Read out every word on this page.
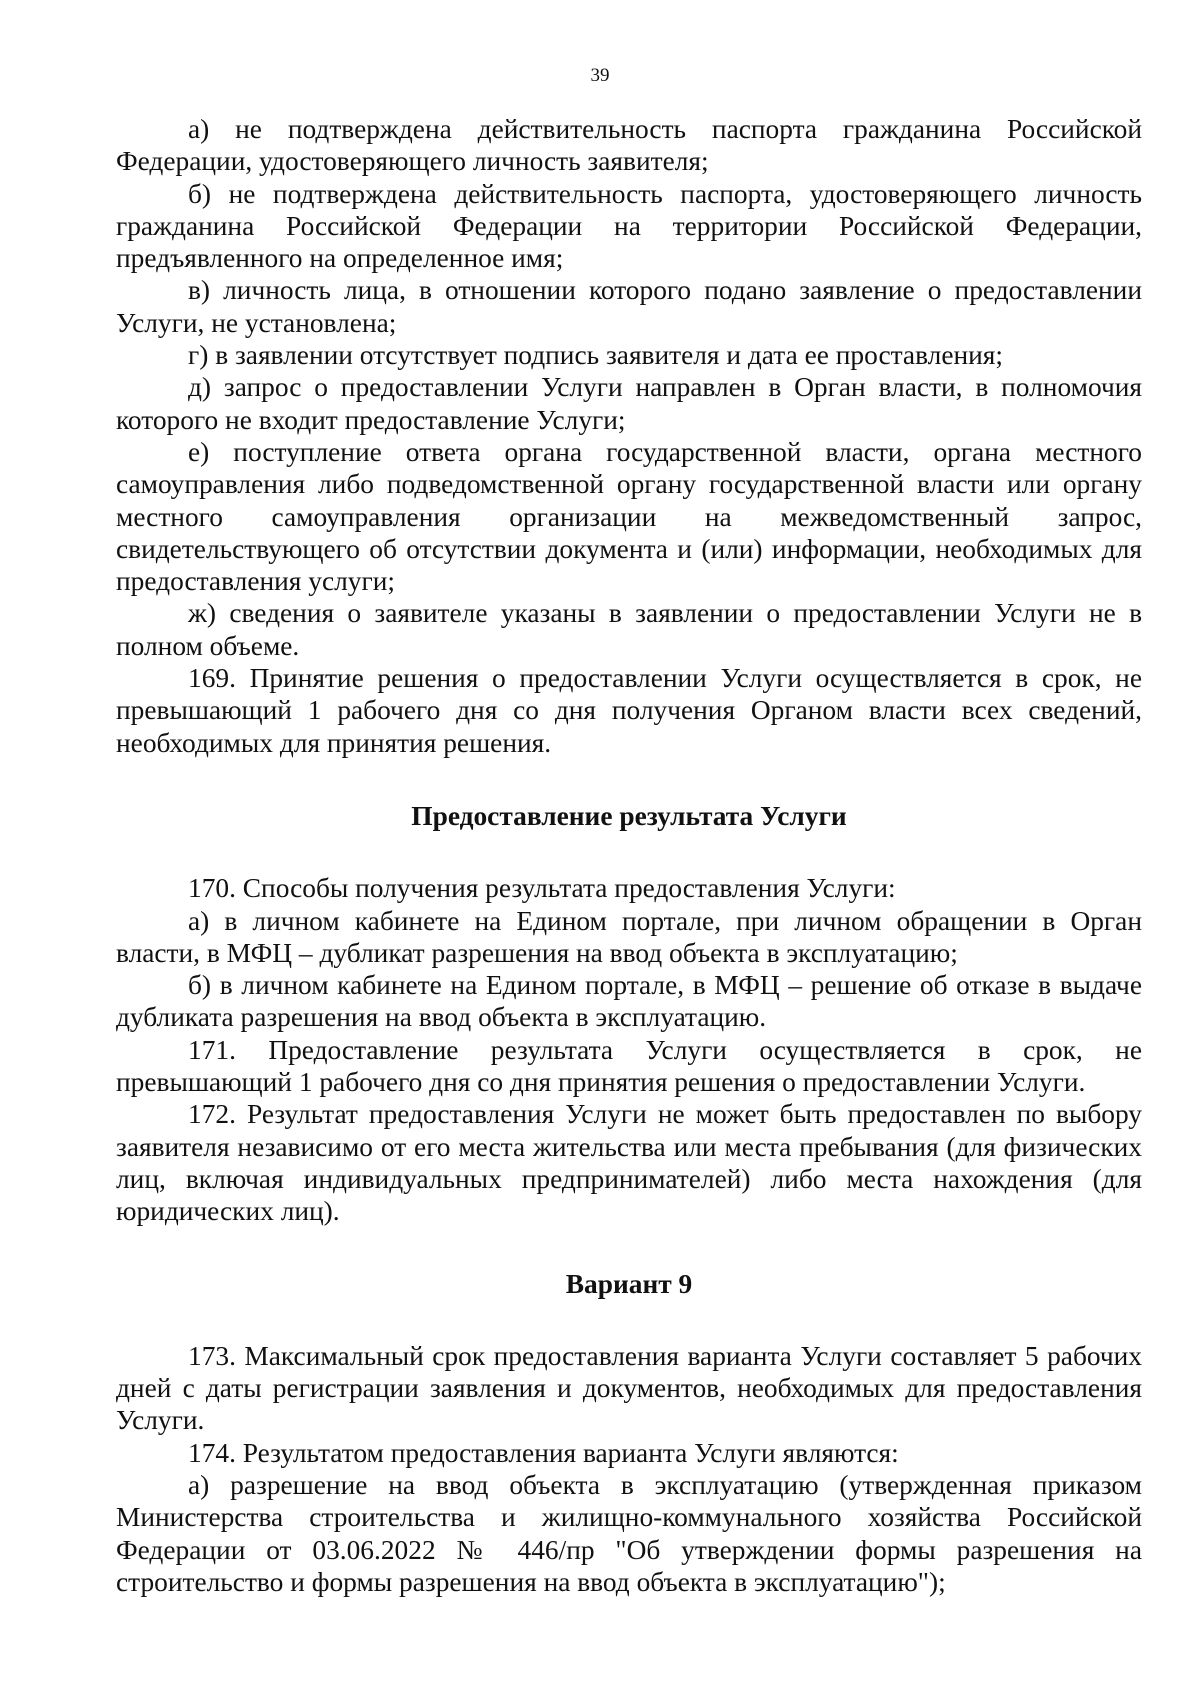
39

а) не подтверждена действительность паспорта гражданина Российской Федерации, удостоверяющего личность заявителя;

б) не подтверждена действительность паспорта, удостоверяющего личность гражданина Российской Федерации на территории Российской Федерации, предъявленного на определенное имя;

в) личность лица, в отношении которого подано заявление о предоставлении Услуги, не установлена;

г) в заявлении отсутствует подпись заявителя и дата ее проставления;

д) запрос о предоставлении Услуги направлен в Орган власти, в полномочия которого не входит предоставление Услуги;

е) поступление ответа органа государственной власти, органа местного самоуправления либо подведомственной органу государственной власти или органу местного самоуправления организации на межведомственный запрос, свидетельствующего об отсутствии документа и (или) информации, необходимых для предоставления услуги;

ж) сведения о заявителе указаны в заявлении о предоставлении Услуги не в полном объеме.

169. Принятие решения о предоставлении Услуги осуществляется в срок, не превышающий 1 рабочего дня со дня получения Органом власти всех сведений, необходимых для принятия решения.

Предоставление результата Услуги

170. Способы получения результата предоставления Услуги:

а) в личном кабинете на Едином портале, при личном обращении в Орган власти, в МФЦ – дубликат разрешения на ввод объекта в эксплуатацию;

б) в личном кабинете на Едином портале, в МФЦ – решение об отказе в выдаче дубликата разрешения на ввод объекта в эксплуатацию.

171. Предоставление результата Услуги осуществляется в срок, не превышающий 1 рабочего дня со дня принятия решения о предоставлении Услуги.

172. Результат предоставления Услуги не может быть предоставлен по выбору заявителя независимо от его места жительства или места пребывания (для физических лиц, включая индивидуальных предпринимателей) либо места нахождения (для юридических лиц).

Вариант 9

173. Максимальный срок предоставления варианта Услуги составляет 5 рабочих дней с даты регистрации заявления и документов, необходимых для предоставления Услуги.

174. Результатом предоставления варианта Услуги являются:

а) разрешение на ввод объекта в эксплуатацию (утвержденная приказом Министерства строительства и жилищно-коммунального хозяйства Российской Федерации от 03.06.2022 № 446/пр "Об утверждении формы разрешения на строительство и формы разрешения на ввод объекта в эксплуатацию");
